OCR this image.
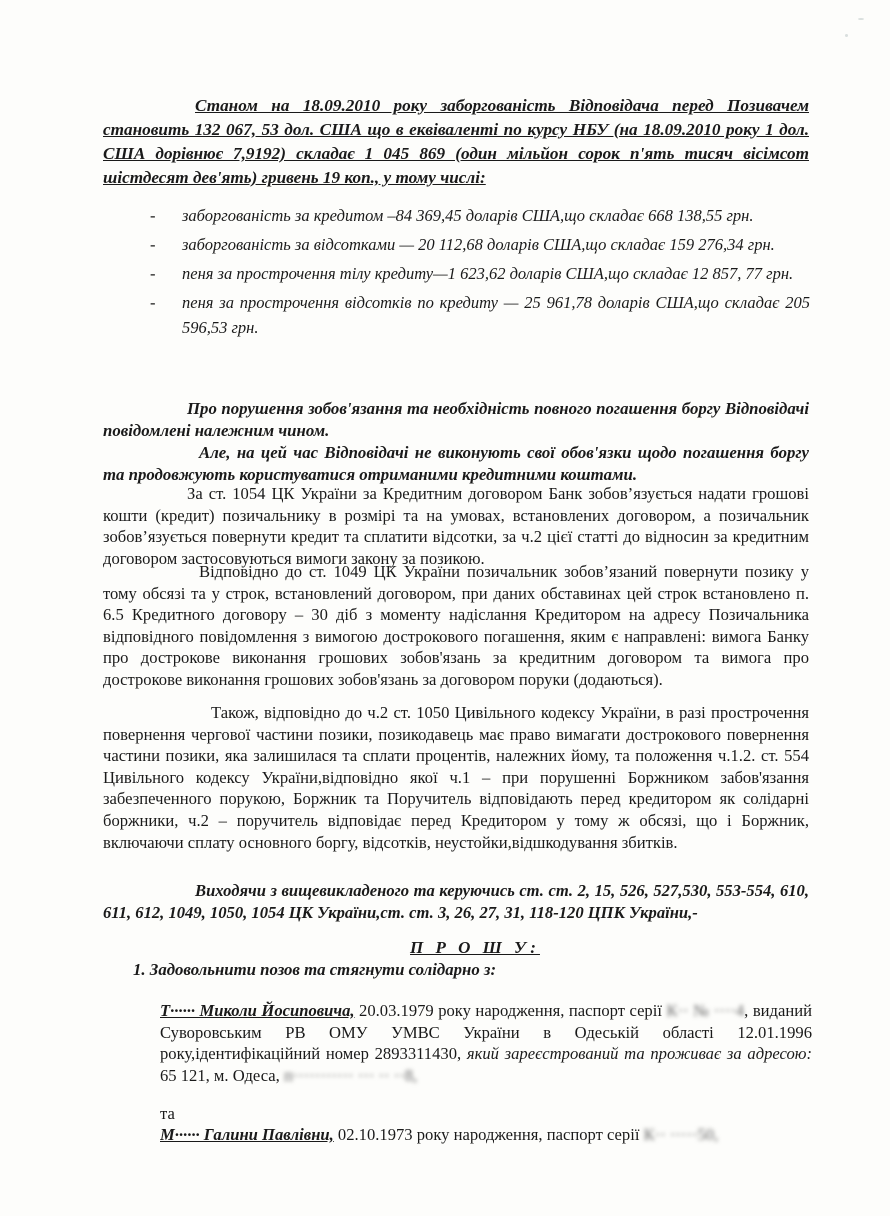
Станом на 18.09.2010 року заборгованість Відповідача перед Позивачем становить 132 067, 53 дол. США що в еквіваленті по курсу НБУ (на 18.09.2010 року 1 дол. США дорівнює 7,9192) складає 1 045 869 (один мільйон сорок п'ять тисяч вісімсот шістдесят дев'ять) гривень 19 коп., у тому числі:

- заборгованість за кредитом –84 369,45 доларів США,що складає 668 138,55 грн.
- заборгованість за відсотками — 20 112,68 доларів США,що складає 159 276,34 грн.
- пеня за прострочення тілу кредиту—1 623,62 доларів США,що складає 12 857, 77 грн.
- пеня за прострочення відсотків по кредиту — 25 961,78 доларів США,що складає 205 596,53 грн.

Про порушення зобов'язання та необхідність повного погашення боргу Відповідачі повідомлені належним чином.

Але, на цей час Відповідачі не виконують свої обов'язки щодо погашення боргу та продовжують користуватися отриманими кредитними коштами.

За ст. 1054 ЦК України за Кредитним договором Банк зобов’язується надати грошові кошти (кредит) позичальнику в розмірі та на умовах, встановлених договором, а позичальник зобов’язується повернути кредит та сплатити відсотки, за ч.2 цієї статті до відносин за кредитним договором застосовуються вимоги закону за позикою.

Відповідно до ст. 1049 ЦК України позичальник зобов’язаний повернути позику у тому обсязі та у строк, встановлений договором, при даних обставинах цей строк встановлено п. 6.5 Кредитного договору – 30 діб з моменту надіслання Кредитором на адресу Позичальника відповідного повідомлення з вимогою дострокового погашення, яким є направлені: вимога Банку про дострокове виконання грошових зобов'язань за кредитним договором та вимога про дострокове виконання грошових зобов'язань за договором поруки (додаються).

Також, відповідно до ч.2 ст. 1050 Цивільного кодексу України, в разі прострочення повернення чергової частини позики, позикодавець має право вимагати дострокового повернення частини позики, яка залишилася та сплати процентів, належних йому, та положення ч.1.2. ст. 554 Цивільного кодексу України,відповідно якої ч.1 – при порушенні Боржником забов'язання забезпеченного порукою, Боржник та Поручитель відповідають перед кредитором як солідарні боржники, ч.2 – поручитель відповідає перед Кредитором у тому ж обсязі, що і Боржник, включаючи сплату основного боргу, відсотків, неустойки,відшкодування збитків.

Виходячи з вищевикладеного та керуючись ст. ст. 2, 15, 526, 527,530, 553-554, 610, 611, 612, 1049, 1050, 1054 ЦК України,ст. ст. 3, 26, 27, 31, 118-120 ЦПК України,-

П Р О Ш У:
1. Задовольнити позов та стягнути солідарно з:

Т······ Миколи Йосиповича, 20.03.1979 року народження, паспорт серії К·· № ····4, виданий Суворовським РВ ОМУ УМВС України в Одеській області 12.01.1996 року,ідентифікаційний номер 2893311430, який зареєстрований та проживає за адресою: 65 121, м. Одеса, п··········· ··· ·· ··8,

та

М······ Галини Павлівни, 02.10.1973 року народження, паспорт серії К·· ·····50,
